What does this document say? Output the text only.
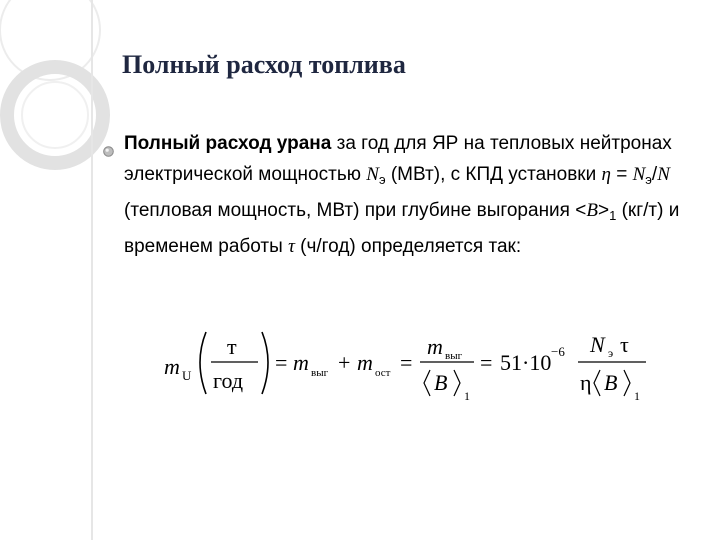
Полный расход топлива
Полный расход урана за год для ЯР на тепловых нейтронах электрической мощностью $N_э$ (МВт), с КПД установки $\eta = N_э/N$ (тепловая мощность, МВт) при глубине выгорания $<B>_1$ (кг/т) и временем работы τ (ч/год) определяется так:
m U
т
год
= m выг + m ост =
m выг
B
1
= 51·10 −6 N э τ
η B
1
